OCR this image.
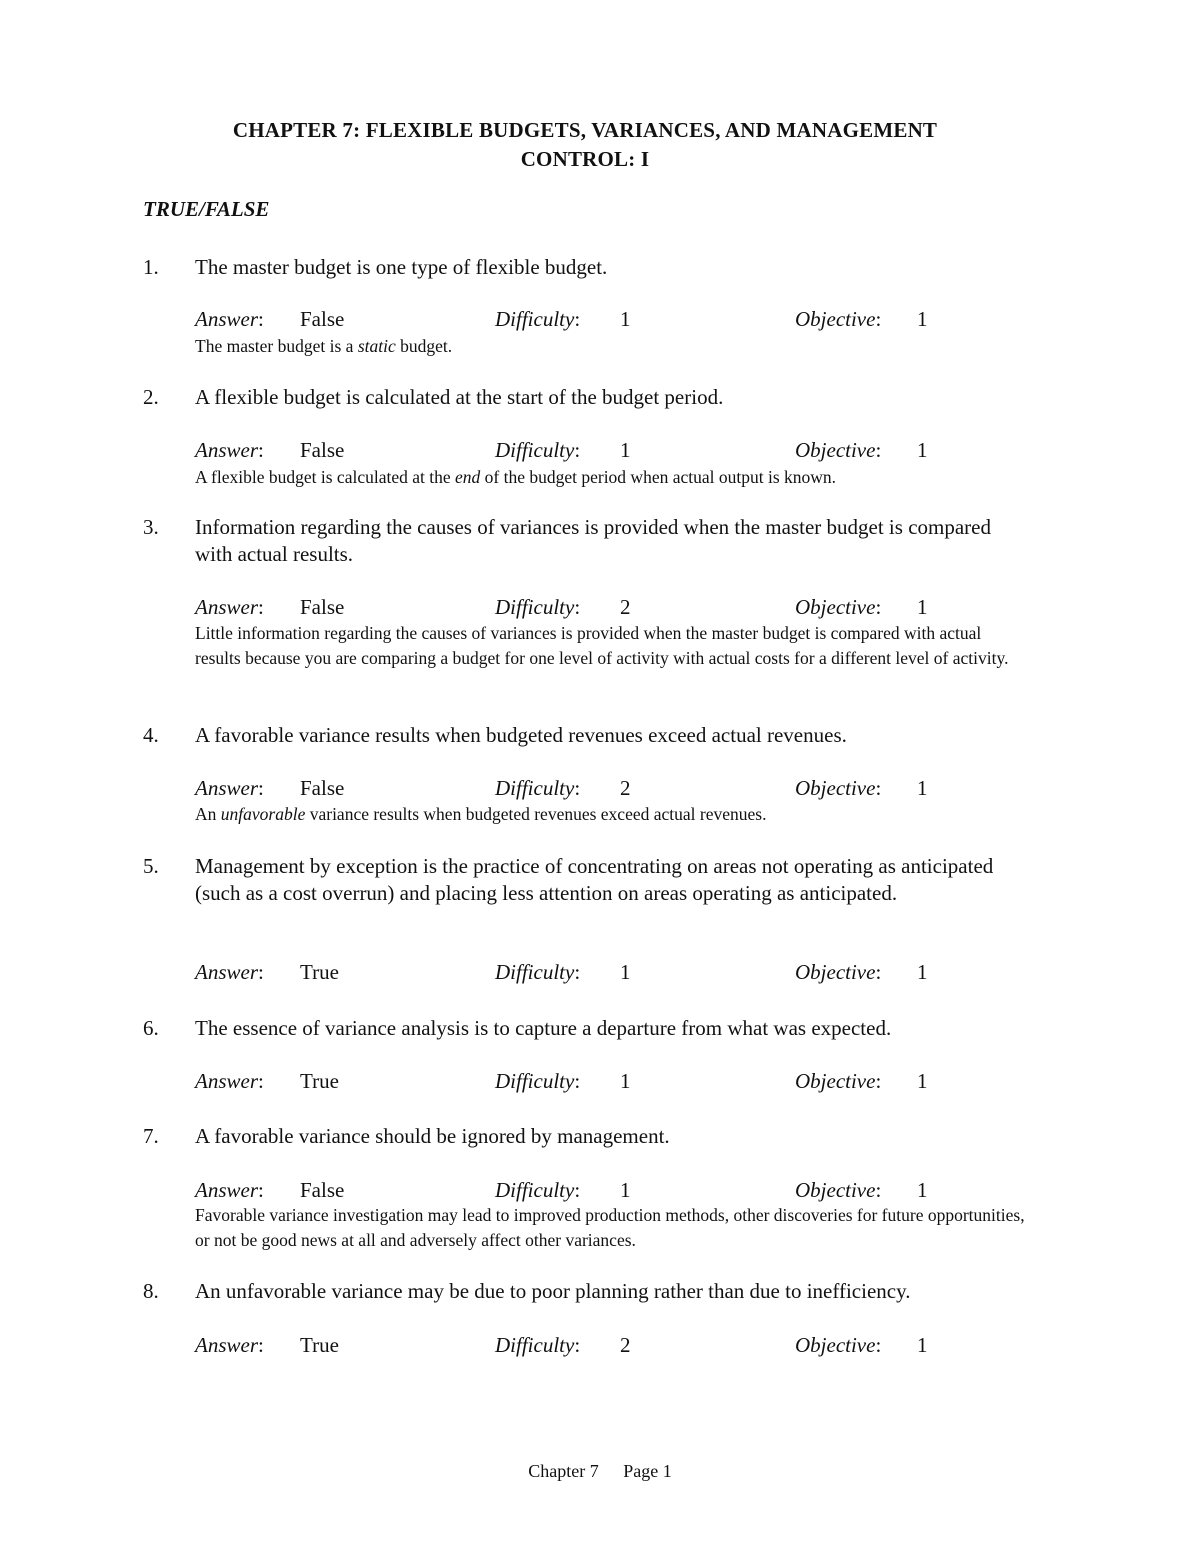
CHAPTER 7: FLEXIBLE BUDGETS, VARIANCES, AND MANAGEMENT
CONTROL: I
TRUE/FALSE
1. The master budget is one type of flexible budget.
Answer: False	Difficulty: 1	Objective: 1
The master budget is a static budget.
2. A flexible budget is calculated at the start of the budget period.
Answer: False	Difficulty: 1	Objective: 1
A flexible budget is calculated at the end of the budget period when actual output is known.
3. Information regarding the causes of variances is provided when the master budget is compared with actual results.
Answer: False	Difficulty: 2	Objective: 1
Little information regarding the causes of variances is provided when the master budget is compared with actual results because you are comparing a budget for one level of activity with actual costs for a different level of activity.
4. A favorable variance results when budgeted revenues exceed actual revenues.
Answer: False	Difficulty: 2	Objective: 1
An unfavorable variance results when budgeted revenues exceed actual revenues.
5. Management by exception is the practice of concentrating on areas not operating as anticipated (such as a cost overrun) and placing less attention on areas operating as anticipated.
Answer: True	Difficulty: 1	Objective: 1
6. The essence of variance analysis is to capture a departure from what was expected.
Answer: True	Difficulty: 1	Objective: 1
7. A favorable variance should be ignored by management.
Answer: False	Difficulty: 1	Objective: 1
Favorable variance investigation may lead to improved production methods, other discoveries for future opportunities, or not be good news at all and adversely affect other variances.
8. An unfavorable variance may be due to poor planning rather than due to inefficiency.
Answer: True	Difficulty: 2	Objective: 1
Chapter 7 Page 1
